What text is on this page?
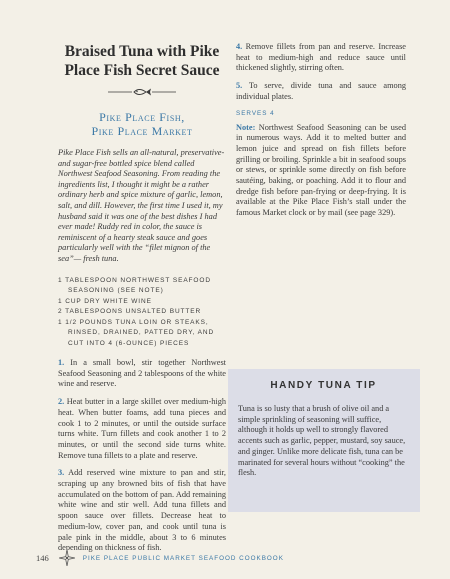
Braised Tuna with Pike Place Fish Secret Sauce
Pike Place Fish,
Pike Place Market

Pike Place Fish sells an all-natural, preservative- and sugar-free bottled spice blend called Northwest Seafood Seasoning. From reading the ingredients list, I thought it might be a rather ordinary herb and spice mixture of garlic, lemon, salt, and dill. However, the first time I used it, my husband said it was one of the best dishes I had ever made! Ruddy red in color, the sauce is reminiscent of a hearty steak sauce and goes particularly well with the “filet mignon of the sea”— fresh tuna.

1 TABLESPOON NORTHWEST SEAFOOD SEASONING (SEE NOTE)
1 CUP DRY WHITE WINE
2 TABLESPOONS UNSALTED BUTTER
1 1/2 POUNDS TUNA LOIN OR STEAKS, RINSED, DRAINED, PATTED DRY, AND CUT INTO 4 (6-OUNCE) PIECES

1. In a small bowl, stir together Northwest Seafood Seasoning and 2 tablespoons of the white wine and reserve.

2. Heat butter in a large skillet over medium-high heat. When butter foams, add tuna pieces and cook 1 to 2 minutes, or until the outside surface turns white. Turn fillets and cook another 1 to 2 minutes, or until the second side turns white. Remove tuna fillets to a plate and reserve.

3. Add reserved wine mixture to pan and stir, scraping up any browned bits of fish that have accumulated on the bottom of pan. Add remaining white wine and stir well. Add tuna fillets and spoon sauce over fillets. Decrease heat to medium-low, cover pan, and cook until tuna is pale pink in the middle, about 3 to 6 minutes depending on thickness of fish.

4. Remove fillets from pan and reserve. Increase heat to medium-high and reduce sauce until thickened slightly, stirring often.

5. To serve, divide tuna and sauce among individual plates.

SERVES 4

Note: Northwest Seafood Seasoning can be used in numerous ways. Add it to melted butter and lemon juice and spread on fish fillets before grilling or broiling. Sprinkle a bit in seafood soups or stews, or sprinkle some directly on fish before sautéing, baking, or poaching. Add it to flour and dredge fish before pan-frying or deep-frying. It is available at the Pike Place Fish’s stall under the famous Market clock or by mail (see page 329).

HANDY TUNA TIP

Tuna is so lusty that a brush of olive oil and a simple sprinkling of seasoning will suffice, although it holds up well to strongly flavored accents such as garlic, pepper, mustard, soy sauce, and ginger. Unlike more delicate fish, tuna can be marinated for several hours without “cooking” the flesh.

146	PIKE PLACE PUBLIC MARKET SEAFOOD COOKBOOK
